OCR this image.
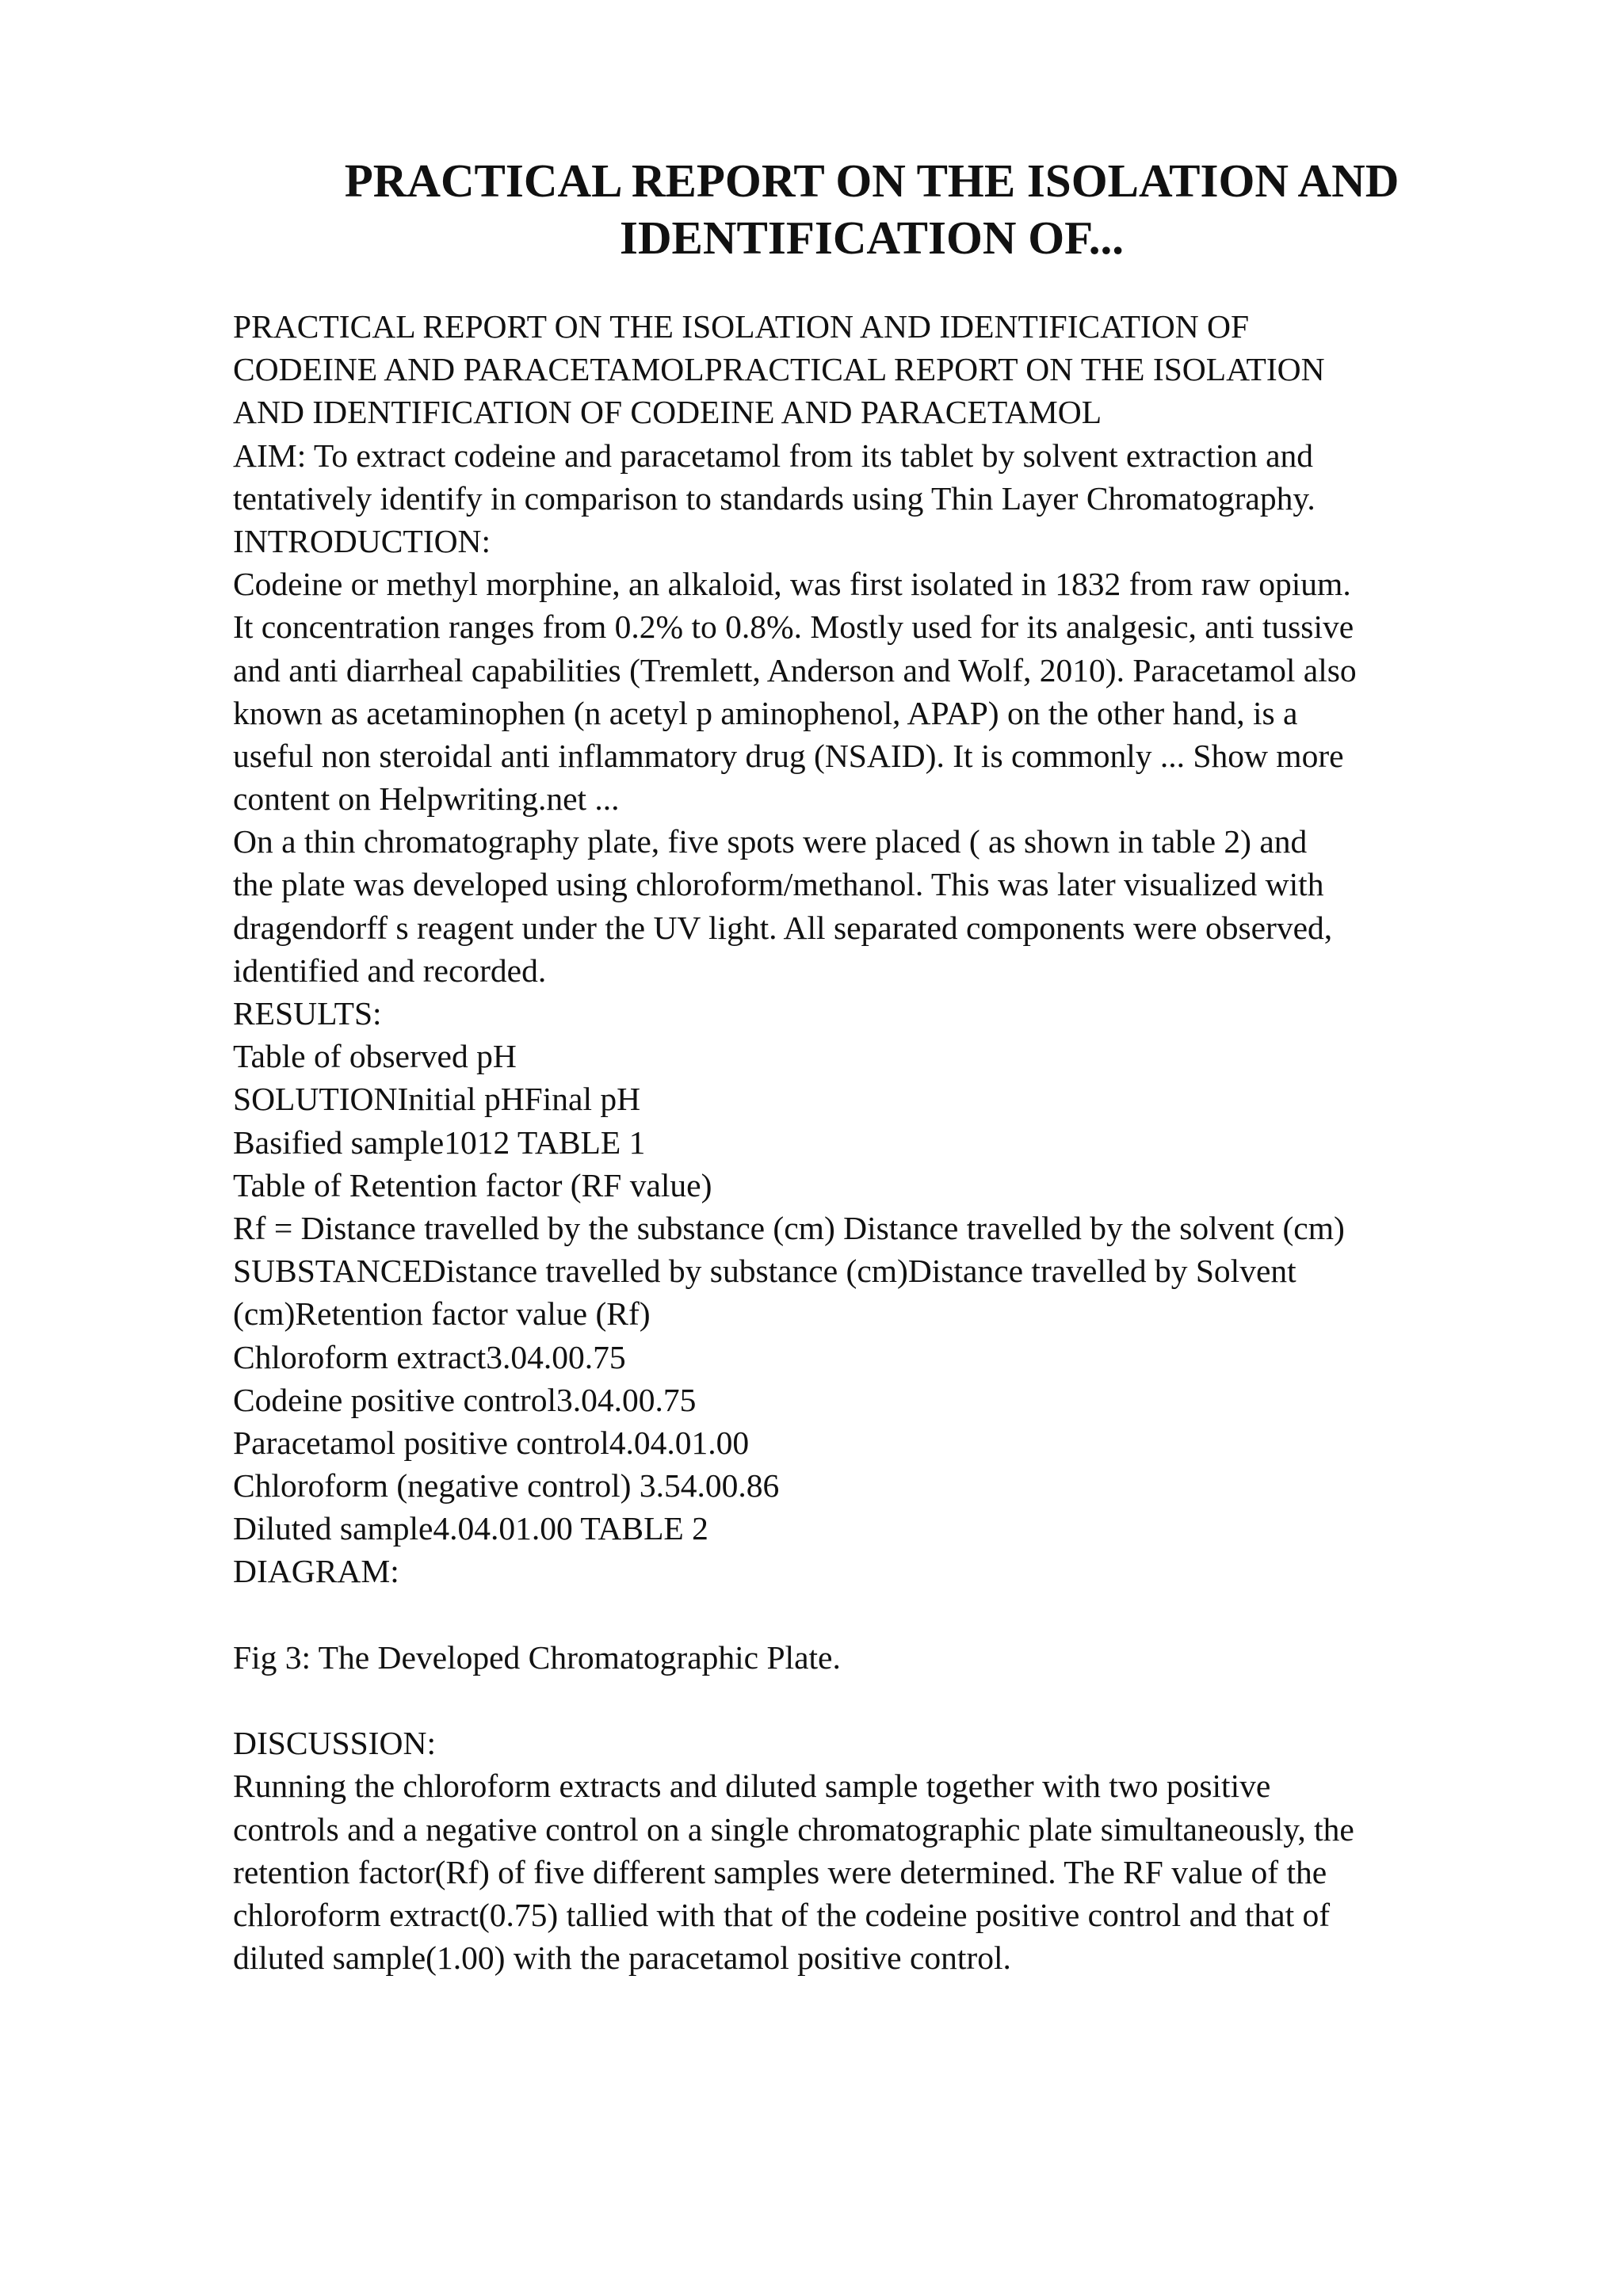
PRACTICAL REPORT ON THE ISOLATION AND
IDENTIFICATION OF...
PRACTICAL REPORT ON THE ISOLATION AND IDENTIFICATION OF
CODEINE AND PARACETAMOLPRACTICAL REPORT ON THE ISOLATION
AND IDENTIFICATION OF CODEINE AND PARACETAMOL
AIM: To extract codeine and paracetamol from its tablet by solvent extraction and
tentatively identify in comparison to standards using Thin Layer Chromatography.
INTRODUCTION:
Codeine or methyl morphine, an alkaloid, was first isolated in 1832 from raw opium.
It concentration ranges from 0.2% to 0.8%. Mostly used for its analgesic, anti tussive
and anti diarrheal capabilities (Tremlett, Anderson and Wolf, 2010). Paracetamol also
known as acetaminophen (n acetyl p aminophenol, APAP) on the other hand, is a
useful non steroidal anti inflammatory drug (NSAID). It is commonly ... Show more
content on Helpwriting.net ...
On a thin chromatography plate, five spots were placed ( as shown in table 2) and
the plate was developed using chloroform/methanol. This was later visualized with
dragendorff s reagent under the UV light. All separated components were observed,
identified and recorded.
RESULTS:
Table of observed pH
SOLUTIONInitial pHFinal pH
Basified sample1012 TABLE 1
Table of Retention factor (RF value)
Rf = Distance travelled by the substance (cm) Distance travelled by the solvent (cm)
SUBSTANCEDistance travelled by substance (cm)Distance travelled by Solvent
(cm)Retention factor value (Rf)
Chloroform extract3.04.00.75
Codeine positive control3.04.00.75
Paracetamol positive control4.04.01.00
Chloroform (negative control) 3.54.00.86
Diluted sample4.04.01.00 TABLE 2
DIAGRAM:
Fig 3: The Developed Chromatographic Plate.
DISCUSSION:
Running the chloroform extracts and diluted sample together with two positive
controls and a negative control on a single chromatographic plate simultaneously, the
retention factor(Rf) of five different samples were determined. The RF value of the
chloroform extract(0.75) tallied with that of the codeine positive control and that of
diluted sample(1.00) with the paracetamol positive control.
